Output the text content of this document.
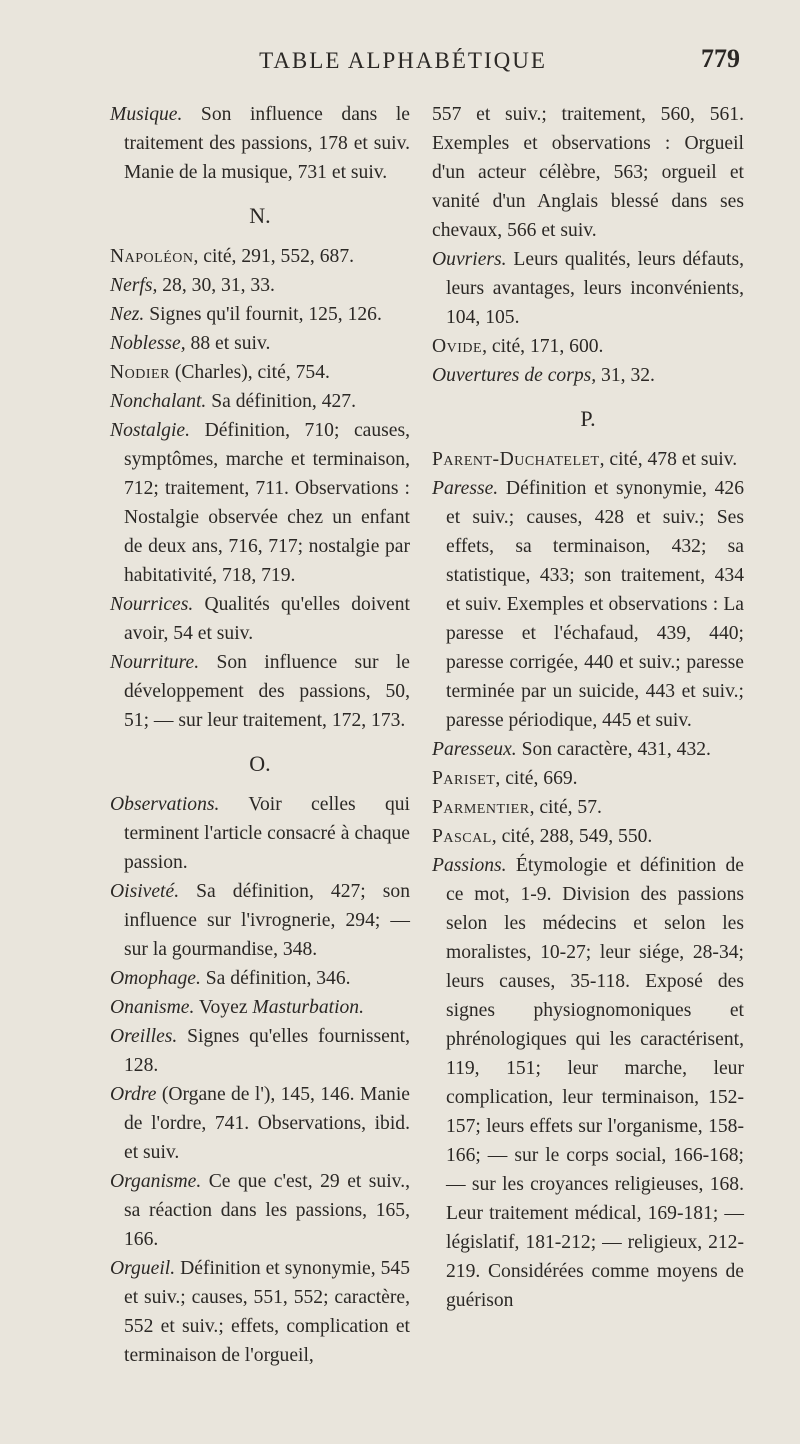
TABLE ALPHABÉTIQUE	779

Musique. Son influence dans le traitement des passions, 178 et suiv. Manie de la musique, 731 et suiv.

N.

Napoléon, cité, 291, 552, 687.

Nerfs, 28, 30, 31, 33.

Nez. Signes qu'il fournit, 125, 126.

Noblesse, 88 et suiv.

Nodier (Charles), cité, 754.

Nonchalant. Sa définition, 427.

Nostalgie. Définition, 710; causes, symptômes, marche et terminaison, 712; traitement, 711. Observations : Nostalgie observée chez un enfant de deux ans, 716, 717; nostalgie par habitativité, 718, 719.

Nourrices. Qualités qu'elles doivent avoir, 54 et suiv.

Nourriture. Son influence sur le développement des passions, 50, 51; — sur leur traitement, 172, 173.

O.

Observations. Voir celles qui terminent l'article consacré à chaque passion.

Oisiveté. Sa définition, 427; son influence sur l'ivrognerie, 294; — sur la gourmandise, 348.

Omophage. Sa définition, 346.

Onanisme. Voyez Masturbation.

Oreilles. Signes qu'elles fournissent, 128.

Ordre (Organe de l'), 145, 146. Manie de l'ordre, 741. Observations, ibid. et suiv.

Organisme. Ce que c'est, 29 et suiv., sa réaction dans les passions, 165, 166.

Orgueil. Définition et synonymie, 545 et suiv.; causes, 551, 552; caractère, 552 et suiv.; effets, complication et terminaison de l'orgueil,

557 et suiv.; traitement, 560, 561. Exemples et observations : Orgueil d'un acteur célèbre, 563; orgueil et vanité d'un Anglais blessé dans ses chevaux, 566 et suiv.

Ouvriers. Leurs qualités, leurs défauts, leurs avantages, leurs inconvénients, 104, 105.

Ovide, cité, 171, 600.

Ouvertures de corps, 31, 32.

P.

Parent-Duchatelet, cité, 478 et suiv.

Paresse. Définition et synonymie, 426 et suiv.; causes, 428 et suiv.; Ses effets, sa terminaison, 432; sa statistique, 433; son traitement, 434 et suiv. Exemples et observations : La paresse et l'échafaud, 439, 440; paresse corrigée, 440 et suiv.; paresse terminée par un suicide, 443 et suiv.; paresse périodique, 445 et suiv.

Paresseux. Son caractère, 431, 432.

Pariset, cité, 669.

Parmentier, cité, 57.

Pascal, cité, 288, 549, 550.

Passions. Étymologie et définition de ce mot, 1-9. Division des passions selon les médecins et selon les moralistes, 10-27; leur siége, 28-34; leurs causes, 35-118. Exposé des signes physiognomoniques et phrénologiques qui les caractérisent, 119, 151; leur marche, leur complication, leur terminaison, 152-157; leurs effets sur l'organisme, 158-166; — sur le corps social, 166-168; — sur les croyances religieuses, 168. Leur traitement médical, 169-181; — législatif, 181-212; — religieux, 212-219. Considérées comme moyens de guérison
